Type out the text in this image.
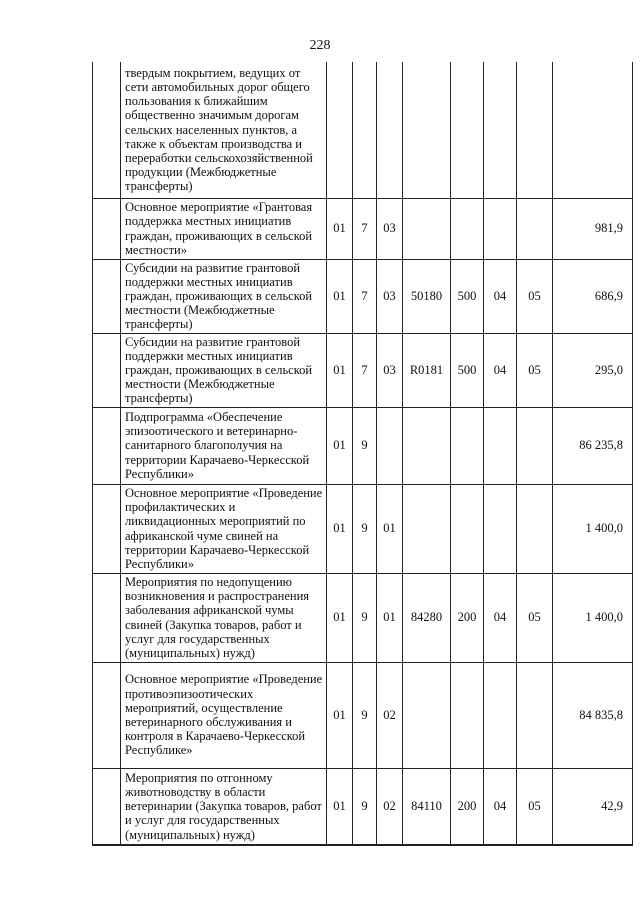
228
	твердым покрытием, ведущих от сети автомобильных дорог общего пользования к ближайшим общественно значимым дорогам сельских населенных пунктов, а также к объектам производства и переработки сельскохозяйственной продукции (Межбюджетные трансферты)								
	Основное мероприятие «Грантовая поддержка местных инициатив граждан, проживающих в сельской местности»	01	7	03					981,9
	Субсидии на развитие грантовой поддержки местных инициатив граждан, проживающих в сельской местности (Межбюджетные трансферты)	01	7	03	50180	500	04	05	686,9
	Субсидии на развитие грантовой поддержки местных инициатив граждан, проживающих в сельской местности (Межбюджетные трансферты)	01	7	03	R0181	500	04	05	295,0
	Подпрограмма «Обеспечение эпизоотического и ветеринарно-санитарного благополучия на территории Карачаево-Черкесской Республики»	01	9						86 235,8
	Основное мероприятие «Проведение профилактических и ликвидационных мероприятий по африканской чуме свиней на территории Карачаево-Черкесской Республики»	01	9	01					1 400,0
	Мероприятия по недопущению возникновения и распространения заболевания африканской чумы свиней (Закупка товаров, работ и услуг для государственных (муниципальных) нужд)	01	9	01	84280	200	04	05	1 400,0
	Основное мероприятие «Проведение противоэпизоотических мероприятий, осуществление ветеринарного обслуживания и контроля в Карачаево-Черкесской Республике»	01	9	02					84 835,8
	Мероприятия по отгонному животноводству в области ветеринарии (Закупка товаров, работ и услуг для государственных (муниципальных) нужд)	01	9	02	84110	200	04	05	42,9
